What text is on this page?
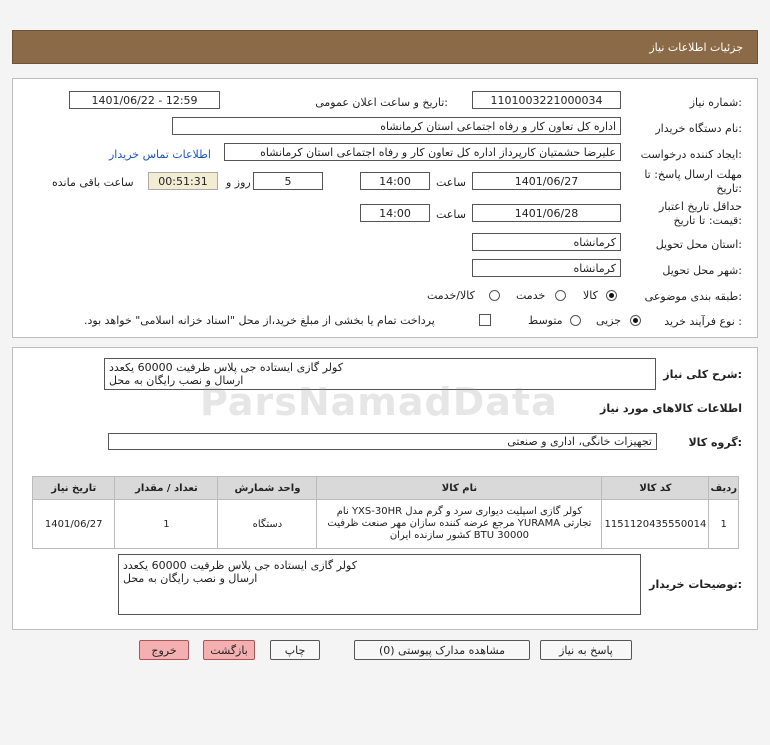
جزئیات اطلاعات نیاز
شماره نیاز:
1101003221000034
تاریخ و ساعت اعلان عمومی:
1401/06/22 - 12:59
نام دستگاه خریدار:
اداره کل تعاون کار و رفاه اجتماعی استان کرمانشاه
ایجاد کننده درخواست:
علیرضا حشمتیان کارپرداز اداره کل تعاون کار و رفاه اجتماعی استان کرمانشاه
اطلاعات تماس خریدار
مهلت ارسال پاسخ: تا
تاریخ:
1401/06/27
ساعت
14:00
5
روز و
00:51:31
ساعت باقی مانده
حداقل تاریخ اعتبار
قیمت: تا تاریخ:
1401/06/28
ساعت
14:00
استان محل تحویل:
کرمانشاه
شهر محل تحویل:
کرمانشاه
طبقه بندی موضوعی:
کالا
خدمت
کالا/خدمت
نوع فرآیند خرید :
جزیی
متوسط
پرداخت تمام یا بخشی از مبلغ خرید،از محل "اسناد خزانه اسلامی" خواهد بود.
شرح کلی نیاز:
کولر گازی ایستاده جی پلاس ظرفیت 60000 یکعدد
ارسال و نصب رایگان به محل
اطلاعات کالاهای مورد نیاز
گروه کالا:
تجهیزات خانگی، اداری و صنعتی
ParsNamadData
ردیف	کد کالا	نام کالا	واحد شمارش	تعداد / مقدار	تاریخ نیاز
1	1151120435550014	کولر گازی اسپلیت دیواری سرد و گرم مدل YXS-30HR نام
تجارتی YURAMA مرجع عرضه کننده سازان مهر صنعت ظرفیت
BTU 30000 کشور سازنده ایران	دستگاه	1	1401/06/27
توضیحات خریدار:
کولر گازی ایستاده جی پلاس ظرفیت 60000 یکعدد
ارسال و نصب رایگان به محل
پاسخ به نیاز
مشاهده مدارک پیوستی (0)
چاپ
بازگشت
خروج
